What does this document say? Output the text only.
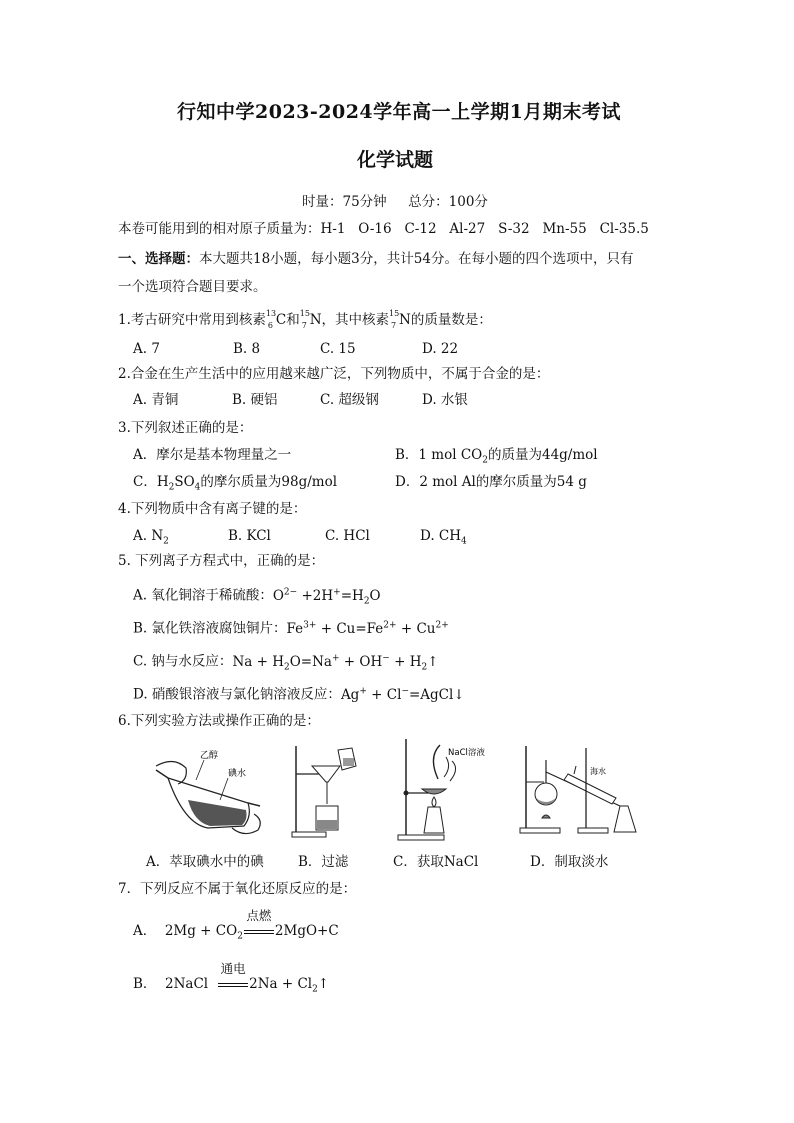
行知中学2023-2024学年高一上学期1月期末考试
化学试题
时量：75分钟     总分：100分
本卷可能用到的相对原子质量为：H-1   O-16   C-12   Al-27   S-32   Mn-55   Cl-35.5
一、选择题：本大题共18小题，每小题3分，共计54分。在每小题的四个选项中，只有
一个选项符合题目要求。
1.考古研究中常用到核素 13
6 C和 15
7 N，其中核素 15
7 N的质量数是：
A. 7	B. 8	C. 15	D. 22
2.合金在生产生活中的应用越来越广泛，下列物质中，不属于合金的是：
A. 青铜	B. 硬铝	C. 超级钢	D. 水银
3.下列叙述正确的是：
A．摩尔是基本物理量之一	B．1 mol $CO_2$的质量为44g/mol
C．$H_2SO_4$的摩尔质量为98g/mol	D．2 mol Al的摩尔质量为54 g
4.下列物质中含有离子键的是：
A. $N_2$	B. KCl	C. HCl	D. $CH_4$
5. 下列离子方程式中，正确的是：
A. 氧化铜溶于稀硫酸：$O^{2-} +2H^+=H_2O$
B. 氯化铁溶液腐蚀铜片：$Fe^{3+} + Cu=Fe^{2+} + Cu^{2+}$
C. 钠与水反应：$Na + H_2O=Na^+ + OH^-$ + $H_2↑$
D. 硝酸银溶液与氯化钠溶液反应：Ag+ + Cl−=AgCl↓
6.下列实验方法或操作正确的是：
乙醇
碘水
NaCl溶液
海水
A．萃取碘水中的碘	B．过滤	C．获取NaCl	D．制取淡水
7．下列反应不属于氧化还原反应的是：
A．  $2Mg + CO_2$
点燃
2MgO+C
B．  2NaCl
通电
$2Na + Cl_2↑$
